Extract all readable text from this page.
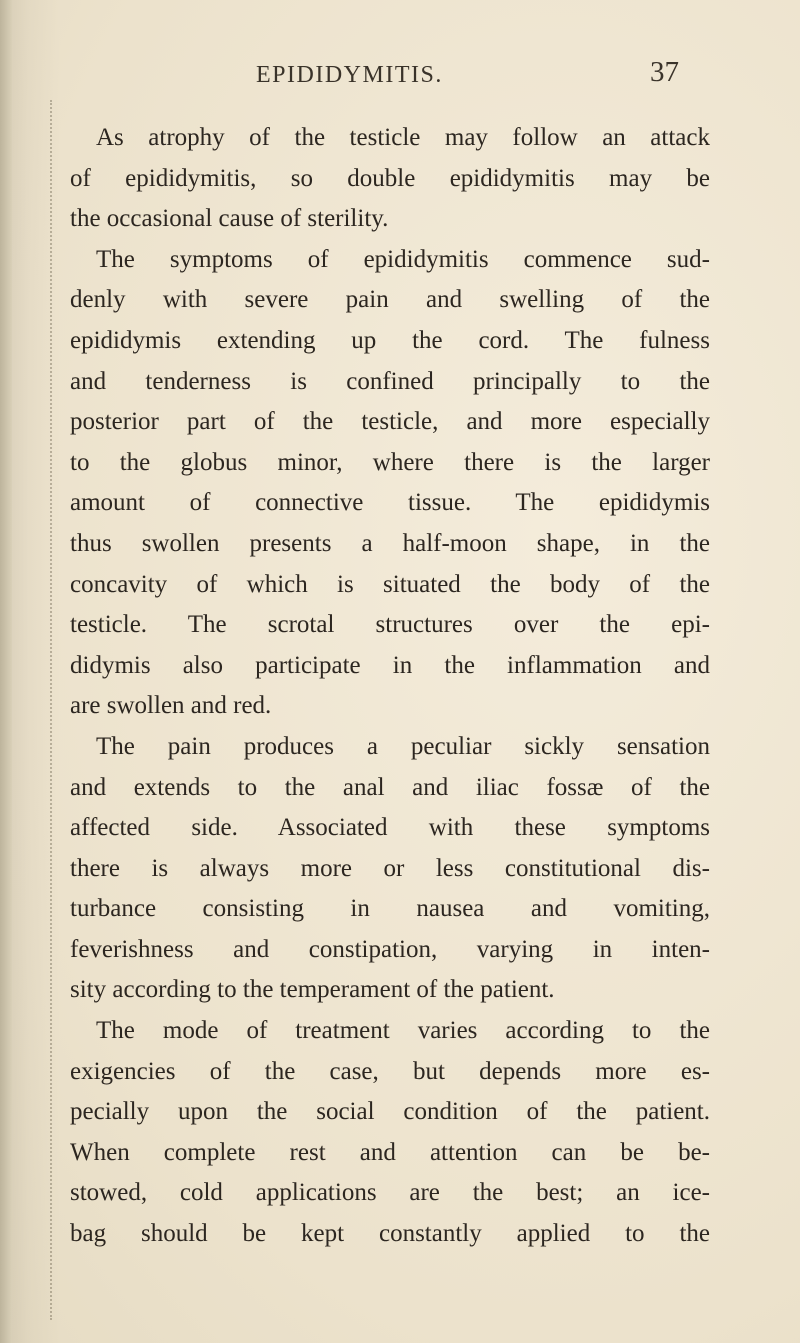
EPIDIDYMITIS.	37
As atrophy of the testicle may follow an attack
of epididymitis, so double epididymitis may be
the occasional cause of sterility.
The symptoms of epididymitis commence sud-
denly with severe pain and swelling of the
epididymis extending up the cord. The fulness
and tenderness is confined principally to the
posterior part of the testicle, and more especially
to the globus minor, where there is the larger
amount of connective tissue. The epididymis
thus swollen presents a half-moon shape, in the
concavity of which is situated the body of the
testicle. The scrotal structures over the epi-
didymis also participate in the inflammation and
are swollen and red.
The pain produces a peculiar sickly sensation
and extends to the anal and iliac fossæ of the
affected side. Associated with these symptoms
there is always more or less constitutional dis-
turbance consisting in nausea and vomiting,
feverishness and constipation, varying in inten-
sity according to the temperament of the patient.
The mode of treatment varies according to the
exigencies of the case, but depends more es-
pecially upon the social condition of the patient.
When complete rest and attention can be be-
stowed, cold applications are the best; an ice-
bag should be kept constantly applied to the
